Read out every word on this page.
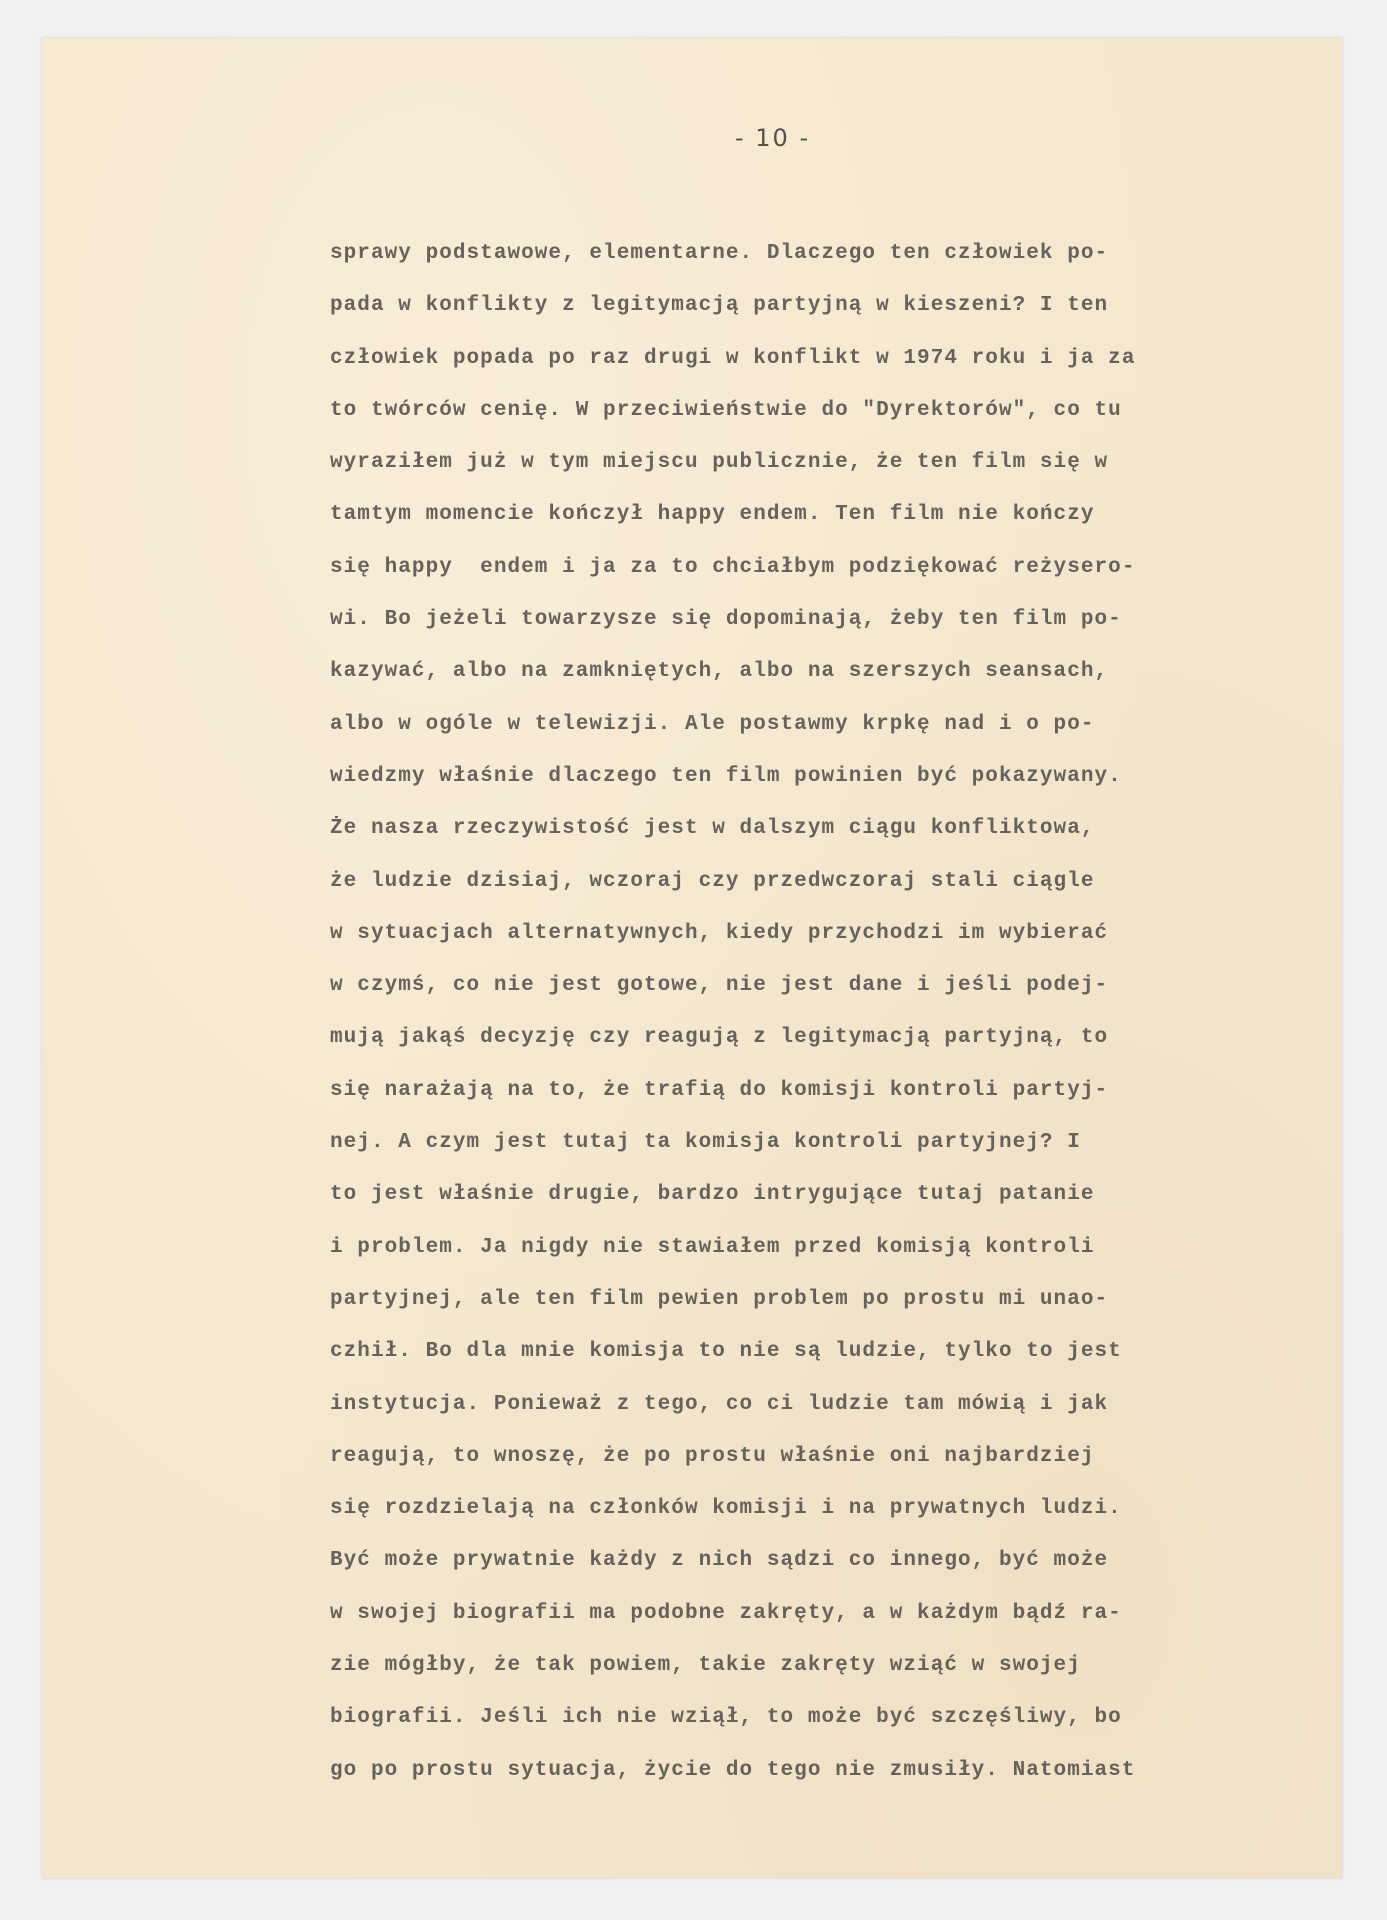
- 10 -
sprawy podstawowe, elementarne. Dlaczego ten człowiek po-
pada w konflikty z legitymacją partyjną w kieszeni? I ten
człowiek popada po raz drugi w konflikt w 1974 roku i ja za
to twórców cenię. W przeciwieństwie do "Dyrektorów", co tu
wyraziłem już w tym miejscu publicznie, że ten film się w
tamtym momencie kończył happy endem. Ten film nie kończy
się happy  endem i ja za to chciałbym podziękować reżysero-
wi. Bo jeżeli towarzysze się dopominają, żeby ten film po-
kazywać, albo na zamkniętych, albo na szerszych seansach,
albo w ogóle w telewizji. Ale postawmy krpkę nad i o po-
wiedzmy właśnie dlaczego ten film powinien być pokazywany.
Że nasza rzeczywistość jest w dalszym ciągu konfliktowa,
że ludzie dzisiaj, wczoraj czy przedwczoraj stali ciągle
w sytuacjach alternatywnych, kiedy przychodzi im wybierać
w czymś, co nie jest gotowe, nie jest dane i jeśli podej-
mują jakąś decyzję czy reagują z legitymacją partyjną, to
się narażają na to, że trafią do komisji kontroli partyj-
nej. A czym jest tutaj ta komisja kontroli partyjnej? I
to jest właśnie drugie, bardzo intrygujące tutaj patanie
i problem. Ja nigdy nie stawiałem przed komisją kontroli
partyjnej, ale ten film pewien problem po prostu mi unao-
czhił. Bo dla mnie komisja to nie są ludzie, tylko to jest
instytucja. Ponieważ z tego, co ci ludzie tam mówią i jak
reagują, to wnoszę, że po prostu właśnie oni najbardziej
się rozdzielają na członków komisji i na prywatnych ludzi.
Być może prywatnie każdy z nich sądzi co innego, być może
w swojej biografii ma podobne zakręty, a w każdym bądź ra-
zie mógłby, że tak powiem, takie zakręty wziąć w swojej
biografii. Jeśli ich nie wziął, to może być szczęśliwy, bo
go po prostu sytuacja, życie do tego nie zmusiły. Natomiast
